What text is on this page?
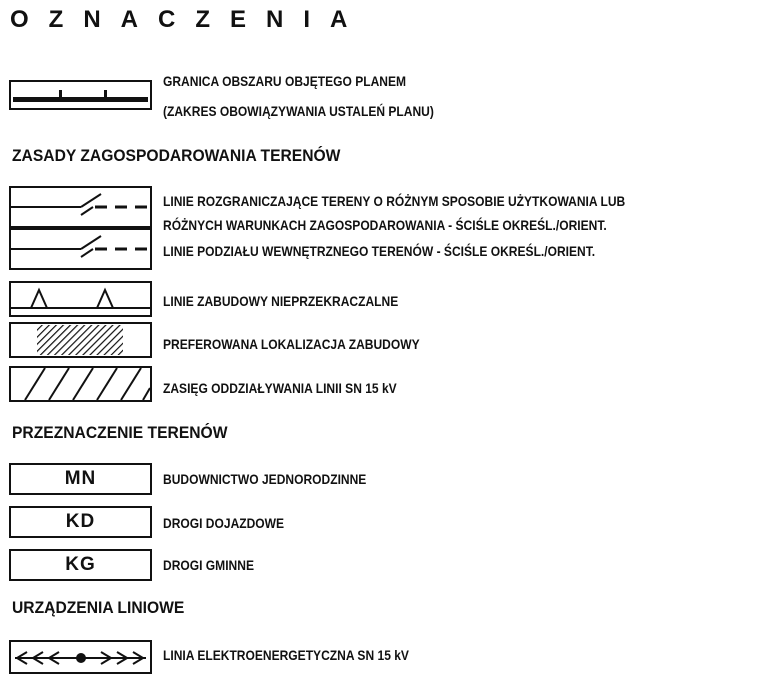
OZNACZENIA
GRANICA OBSZARU OBJĘTEGO PLANEM
(ZAKRES OBOWIĄZYWANIA USTALEŃ PLANU)
ZASADY ZAGOSPODAROWANIA TERENÓW
LINIE ROZGRANICZAJĄCE TERENY O RÓŻNYM SPOSOBIE UŻYTKOWANIA LUB
RÓŻNYCH WARUNKACH ZAGOSPODAROWANIA - ŚCIŚLE OKREŚL./ORIENT.
LINIE PODZIAŁU WEWNĘTRZNEGO TERENÓW - ŚCIŚLE OKREŚL./ORIENT.
LINIE ZABUDOWY NIEPRZEKRACZALNE
PREFEROWANA LOKALIZACJA ZABUDOWY
ZASIĘG ODDZIAŁYWANIA LINII SN 15 kV
PRZEZNACZENIE TERENÓW
MN	BUDOWNICTWO JEDNORODZINNE
KD	DROGI DOJAZDOWE
KG	DROGI GMINNE
URZĄDZENIA LINIOWE
LINIA ELEKTROENERGETYCZNA SN 15 kV
